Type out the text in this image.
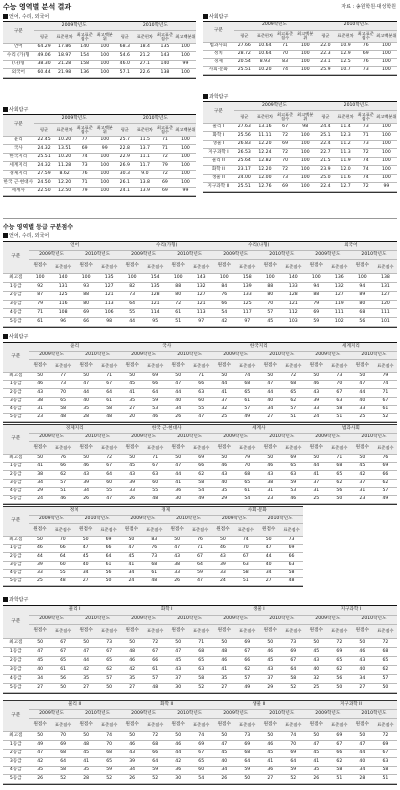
수능 영역별 분석 결과	자료 : 송원학원·대성학원
언어, 수리, 외국어
구분	2009학년도				2010학년도			
	평균	표준편차	최고표준점수	최고백분위	평균	표준편차	최고표준점수	최고백분위
언어	64.29	17.86	140	100	68.3	18.4	135	100
수리 (가)형	49.06	18.97	154	100	54.6	21.2	143	100
(나)형	38.30	21.28	158	100	46.0	27.1	140	99
외국어	60.44	21.98	136	100	57.1	22.6	138	100
사회탐구
구분	2009학년도				2010학년도			
	평균	표준편차	최고표준점수	최고백분위	평균	표준편차	최고표준점수	최고백분위
윤리	22.45	10.20	77	100	25.7	11.5	71	100
국사	24.32	13.51	69	99	22.8	13.7	71	100
한국지리	25.51	10.20	74	100	22.9	11.1	72	100
세계지리	24.32	11.28	73	100	26.9	11.7	79	100
경제지리	27.59	8.62	76	100	30.3	9.0	72	100
한국 근·현대사	24.50	12.20	71	100	26.1	13.8	69	100
세계사	22.50	12.50	79	100	24.1	13.9	69	99
사회탐구
구분	2009학년도				2010학년도			
	평균	표준편차	최고표준점수	최고백분위	평균	표준편차	최고표준점수	최고백분위
법과사회	27.66	10.64	71	100	22.0	10.9	76	100
정치	28.72	10.64	70	100	22.3	12.9	69	100
경제	20.54	8.93	83	100	23.1	12.5	76	100
사회·문화	25.51	10.20	74	100	25.9	10.7	73	100
과학탐구
구분	2009학년도				2010학년도			
	평균	표준편차	최고표준점수	최고백분위	평균	표준편차	최고표준점수	최고백분위
물리 I	27.63	13.16	67	98	24.4	11.4	73	100
화학 I	25.56	11.11	72	100	25.1	12.3	71	100
생물 I	26.83	12.20	69	100	22.4	11.2	73	100
지구과학 I	26.53	12.24	72	100	22.7	11.3	72	100
물리 II	25.64	12.82	70	100	21.5	11.9	74	100
화학 II	23.17	12.20	72	100	23.9	12.0	74	100
생물 II	24.00	12.00	73	100	25.0	11.6	74	100
지구과학 II	25.51	12.76	69	100	22.4	12.7	72	99
수능 영역별 등급 구분점수
언어, 수리, 외국어
구분	언어				수리(가형)				수리(나형)				외국어			
	2009학년도		2010학년도		2009학년도		2010학년도		2009학년도		2010학년도		2009학년도		2010학년도	
	원점수	표준점수	원점수	표준점수	원점수	표준점수	원점수	표준점수	원점수	표준점수	원점수	표준점수	원점수	표준점수	원점수	표준점수
최고점	100	140	100	135	100	154	100	143	100	158	100	140	100	136	100	138
1등급	92	131	93	127	82	135	88	132	84	139	88	133	94	132	94	131
2등급	87	125	88	121	73	128	80	127	76	133	80	128	88	127	89	127
3등급	79	116	80	113	64	121	72	121	66	125	70	121	79	119	80	120
4등급	71	108	69	106	55	114	61	113	54	117	57	112	69	111	68	111
5등급	61	96	66	98	44	95	51	97	42	97	45	103	59	102	56	101
사회탐구
구분	윤리				국사				한국지리				세계지리			
	2009학년도		2010학년도		2009학년도		2010학년도		2009학년도		2010학년도		2009학년도		2010학년도	
	원점수	표준점수	원점수	표준점수	원점수	표준점수	원점수	표준점수	원점수	표준점수	원점수	표준점수	원점수	표준점수	원점수	표준점수
최고점	50	77	50	71	50	69	50	71	50	74	50	72	50	73	50	79
1등급	46	73	47	67	45	66	47	66	44	68	47	68	46	70	47	74
2등급	43	70	44	64	41	64	44	63	41	65	44	65	43	67	44	71
3등급	38	65	40	61	35	59	40	60	37	61	40	62	39	63	40	67
4등급	31	58	35	58	27	53	34	55	32	57	34	57	33	58	33	61
5등급	23	48	28	48	20	46	26	47	25	49	27	51	24	51	25	52
구분	경제지리				한국 근·현대사				세계사				법과사회			
	2009학년도		2010학년도		2009학년도		2010학년도		2009학년도		2010학년도		2009학년도		2010학년도	
	원점수	표준점수	원점수	표준점수	원점수	표준점수	원점수	표준점수	원점수	표준점수	원점수	표준점수	원점수	표준점수	원점수	표준점수
최고점	50	76	50	72	50	71	50	69	50	79	50	69	50	71	50	76
1등급	41	66	46	67	45	67	47	66	46	70	46	65	44	68	45	69
2등급	38	62	43	64	43	63	44	62	43	68	43	63	41	65	42	66
3등급	34	57	39	60	39	60	41	58	40	65	38	59	37	62	37	62
4등급	29	51	34	55	33	55	36	54	35	61	31	53	31	56	31	57
5등급	24	46	26	47	26	48	30	49	29	54	23	46	25	50	23	49
구분	정치				경제				사회·문화			
	2009학년도		2010학년도		2009학년도		2010학년도		2009학년도		2010학년도	
	원점수	표준점수	원점수	표준점수	원점수	표준점수	원점수	표준점수	원점수	표준점수	원점수	표준점수
최고점	50	70	50	69	50	83	50	76	50	74	50	73
1등급	46	66	47	66	47	76	47	71	46	70	47	69
2등급	44	64	45	64	45	73	43	67	43	67	44	66
3등급	39	60	40	61	41	68	38	64	39	63	40	63
4등급	33	55	34	56	34	61	33	59	33	58	34	58
5등급	25	48	27	50	24	48	26	47	24	51	27	48
과학탐구
구분	물리 I				화학 I				생물 I				지구과학 I			
	2009학년도		2010학년도		2009학년도		2010학년도		2009학년도		2010학년도		2009학년도		2010학년도	
	원점수	표준점수	원점수	표준점수	원점수	표준점수	원점수	표준점수	원점수	표준점수	원점수	표준점수	원점수	표준점수	원점수	표준점수
최고점	50	67	50	73	50	72	50	71	50	69	50	73	50	72	50	72
1등급	47	67	47	67	48	67	47	68	48	67	46	69	45	69	46	68
2등급	45	65	44	65	46	66	45	65	46	66	45	67	43	65	43	65
3등급	40	61	42	62	42	61	43	63	41	62	43	64	40	62	40	62
4등급	34	56	35	57	35	57	37	58	35	57	37	58	32	56	34	57
5등급	27	50	27	50	27	48	30	52	27	49	29	52	25	50	27	50
구분	물리 II				화학 II				생물 II				지구과학 II			
	2009학년도		2010학년도		2009학년도		2010학년도		2009학년도		2010학년도		2009학년도		2010학년도	
	원점수	표준점수	원점수	표준점수	원점수	표준점수	원점수	표준점수	원점수	표준점수	원점수	표준점수	원점수	표준점수	원점수	표준점수
최고점	50	70	50	74	50	72	50	74	50	73	50	74	50	69	50	72
1등급	49	69	48	70	46	68	46	69	47	69	46	70	47	67	47	69
2등급	47	68	45	68	43	66	44	67	45	68	45	69	45	66	44	67
3등급	42	64	41	65	39	64	42	65	40	64	41	64	41	62	40	63
4등급	35	58	35	59	34	59	36	60	34	59	36	59	35	58	34	58
5등급	26	52	28	52	26	52	30	54	26	50	27	52	26	51	28	51
